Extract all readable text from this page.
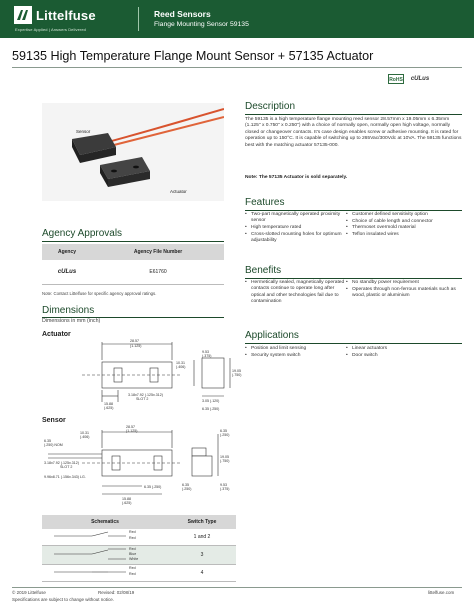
Littelfuse
Expertise Applied | Answers Delivered
Reed Sensors
Flange Mounting Sensor 59135
59135 High Temperature Flange Mount Sensor + 57135 Actuator
RoHS	cULus
Sensor
Actuator
Description
The 59135 is a high temperature flange mounting reed sensor 28.57mm x 19.05mm x 6.35mm (1.125" x 0.750" x 0.250") with a choice of normally open, normally open high voltage, normally closed or changeover contacts. It's case design enables screw or adhesive mounting. It is rated for operation up to 150°C. It is capable of switching up to 265Vac/300Vdc at 10VA. The 59135 functions best with the matching actuator 57135-000.
Note: The 57135 Actuator is sold separately.
Features
• Two-part magnetically operated proximity sensor
• High temperature rated
• Cross-slotted mounting holes for optimum adjustability
• Customer defined sensitivity option
• Choice of cable length and connector
• Thermoset overmold material
• Teflon insulated wires
Benefits
• Hermetically sealed, magnetically operated contacts continue to operate long after optical and other technologies fail due to contamination
• No standby power requirement
• Operates through non-ferrous materials such as wood, plastic or aluminium
Applications
• Position and limit sensing
• Security system switch
• Linear actuators
• Door switch
Agency Approvals
Agency	Agency File Number
cULus	E61760
Note: Contact Littelfuse for specific agency approval ratings.
Dimensions
Dimensions in mm (inch)
Actuator
28.57
(1.125)
10.31
(.406)
9.53
(.375)
19.05
(.750)
15.88
(.625)
3.18x7.92 (.125x.312)
SLOT 2	3.05 (.120)
6.35 (.250)
Sensor
28.57
(1.125)
6.35
(.250) NOM
10.31
(.406)
3.18x7.92 (.125x.312)
SLOT 2
9.96x8.71 (.156x.343) LG.
15.88
(.625)
6.35 (.250)
6.35
(.250)
19.05
(.750)
6.35
(.250)
9.53
(.375)
Schematics	Switch Type

Red
Red	1 and 2

Red
Blue
White	3

Red
Red	4
© 2019 Littelfuse	Revised: 02/08/19
Specifications are subject to change without notice.
littelfuse.com
